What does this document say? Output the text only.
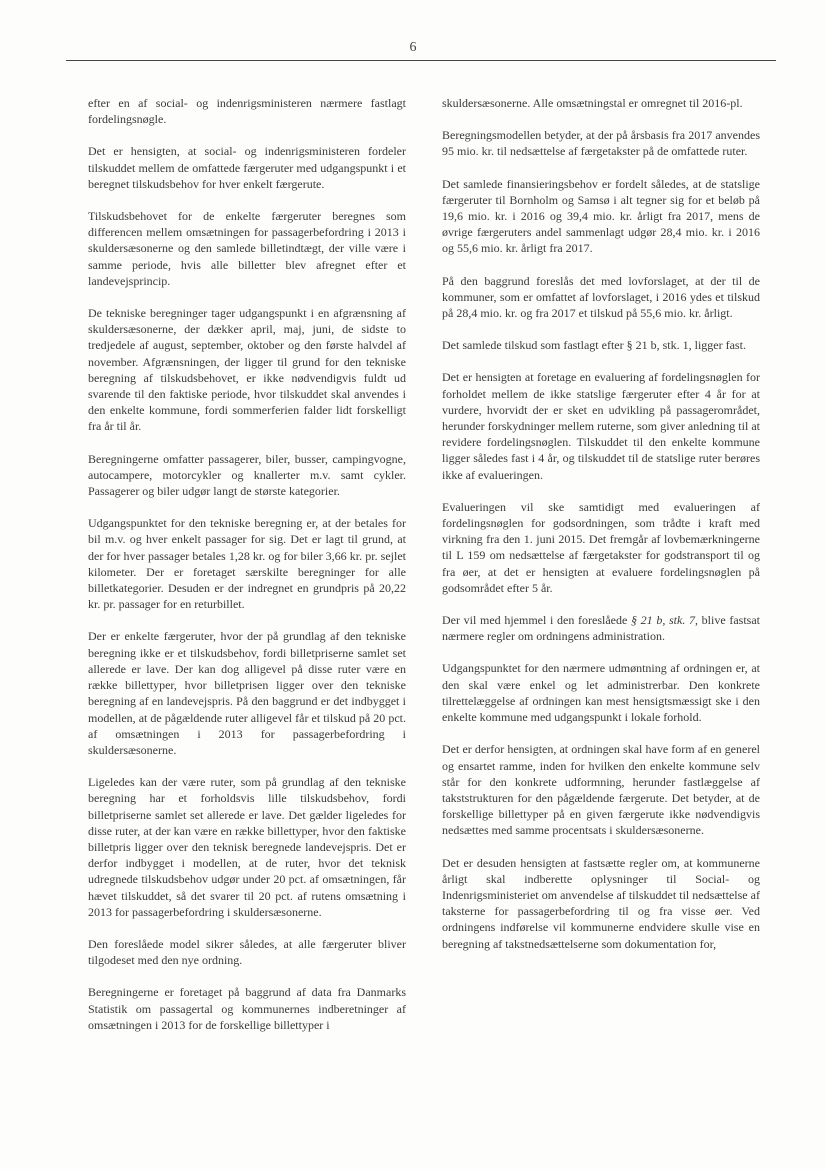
6

efter en af social- og indenrigsministeren nærmere fastlagt fordelingsnøgle.

Det er hensigten, at social- og indenrigsministeren fordeler tilskuddet mellem de omfattede færgeruter med udgangspunkt i et beregnet tilskudsbehov for hver enkelt færgerute.

Tilskudsbehovet for de enkelte færgeruter beregnes som differencen mellem omsætningen for passagerbefordring i 2013 i skuldersæsonerne og den samlede billetindtægt, der ville være i samme periode, hvis alle billetter blev afregnet efter et landevejsprincip.

De tekniske beregninger tager udgangspunkt i en afgrænsning af skuldersæsonerne, der dækker april, maj, juni, de sidste to tredjedele af august, september, oktober og den første halvdel af november. Afgrænsningen, der ligger til grund for den tekniske beregning af tilskudsbehovet, er ikke nødvendigvis fuldt ud svarende til den faktiske periode, hvor tilskuddet skal anvendes i den enkelte kommune, fordi sommerferien falder lidt forskelligt fra år til år.

Beregningerne omfatter passagerer, biler, busser, campingvogne, autocampere, motorcykler og knallerter m.v. samt cykler. Passagerer og biler udgør langt de største kategorier.

Udgangspunktet for den tekniske beregning er, at der betales for bil m.v. og hver enkelt passager for sig. Det er lagt til grund, at der for hver passager betales 1,28 kr. og for biler 3,66 kr. pr. sejlet kilometer. Der er foretaget særskilte beregninger for alle billetkategorier. Desuden er der indregnet en grundpris på 20,22 kr. pr. passager for en returbillet.

Der er enkelte færgeruter, hvor der på grundlag af den tekniske beregning ikke er et tilskudsbehov, fordi billetpriserne samlet set allerede er lave. Der kan dog alligevel på disse ruter være en række billettyper, hvor billetprisen ligger over den tekniske beregning af en landevejspris. På den baggrund er det indbygget i modellen, at de pågældende ruter alligevel får et tilskud på 20 pct. af omsætningen i 2013 for passagerbefordring i skuldersæsonerne.

Ligeledes kan der være ruter, som på grundlag af den tekniske beregning har et forholdsvis lille tilskudsbehov, fordi billetpriserne samlet set allerede er lave. Det gælder ligeledes for disse ruter, at der kan være en række billettyper, hvor den faktiske billetpris ligger over den teknisk beregnede landevejspris. Det er derfor indbygget i modellen, at de ruter, hvor det teknisk udregnede tilskudsbehov udgør under 20 pct. af omsætningen, får hævet tilskuddet, så det svarer til 20 pct. af rutens omsætning i 2013 for passagerbefordring i skuldersæsonerne.

Den foreslåede model sikrer således, at alle færgeruter bliver tilgodeset med den nye ordning.

Beregningerne er foretaget på baggrund af data fra Danmarks Statistik om passagertal og kommunernes indberetninger af omsætningen i 2013 for de forskellige billettyper i

skuldersæsonerne. Alle omsætningstal er omregnet til 2016-pl.

Beregningsmodellen betyder, at der på årsbasis fra 2017 anvendes 95 mio. kr. til nedsættelse af færgetakster på de omfattede ruter.

Det samlede finansieringsbehov er fordelt således, at de statslige færgeruter til Bornholm og Samsø i alt tegner sig for et beløb på 19,6 mio. kr. i 2016 og 39,4 mio. kr. årligt fra 2017, mens de øvrige færgeruters andel sammenlagt udgør 28,4 mio. kr. i 2016 og 55,6 mio. kr. årligt fra 2017.

På den baggrund foreslås det med lovforslaget, at der til de kommuner, som er omfattet af lovforslaget, i 2016 ydes et tilskud på 28,4 mio. kr. og fra 2017 et tilskud på 55,6 mio. kr. årligt.

Det samlede tilskud som fastlagt efter § 21 b, stk. 1, ligger fast.

Det er hensigten at foretage en evaluering af fordelingsnøglen for forholdet mellem de ikke statslige færgeruter efter 4 år for at vurdere, hvorvidt der er sket en udvikling på passagerområdet, herunder forskydninger mellem ruterne, som giver anledning til at revidere fordelingsnøglen. Tilskuddet til den enkelte kommune ligger således fast i 4 år, og tilskuddet til de statslige ruter berøres ikke af evalueringen.

Evalueringen vil ske samtidigt med evalueringen af fordelingsnøglen for godsordningen, som trådte i kraft med virkning fra den 1. juni 2015. Det fremgår af lovbemærkningerne til L 159 om nedsættelse af færgetakster for godstransport til og fra øer, at det er hensigten at evaluere fordelingsnøglen på godsområdet efter 5 år.

Der vil med hjemmel i den foreslåede § 21 b, stk. 7, blive fastsat nærmere regler om ordningens administration.

Udgangspunktet for den nærmere udmøntning af ordningen er, at den skal være enkel og let administrerbar. Den konkrete tilrettelæggelse af ordningen kan mest hensigtsmæssigt ske i den enkelte kommune med udgangspunkt i lokale forhold.

Det er derfor hensigten, at ordningen skal have form af en generel og ensartet ramme, inden for hvilken den enkelte kommune selv står for den konkrete udformning, herunder fastlæggelse af takststrukturen for den pågældende færgerute. Det betyder, at de forskellige billettyper på en given færgerute ikke nødvendigvis nedsættes med samme procentsats i skuldersæsonerne.

Det er desuden hensigten at fastsætte regler om, at kommunerne årligt skal indberette oplysninger til Social- og Indenrigsministeriet om anvendelse af tilskuddet til nedsættelse af taksterne for passagerbefordring til og fra visse øer. Ved ordningens indførelse vil kommunerne endvidere skulle vise en beregning af takstnedsættelserne som dokumentation for,
